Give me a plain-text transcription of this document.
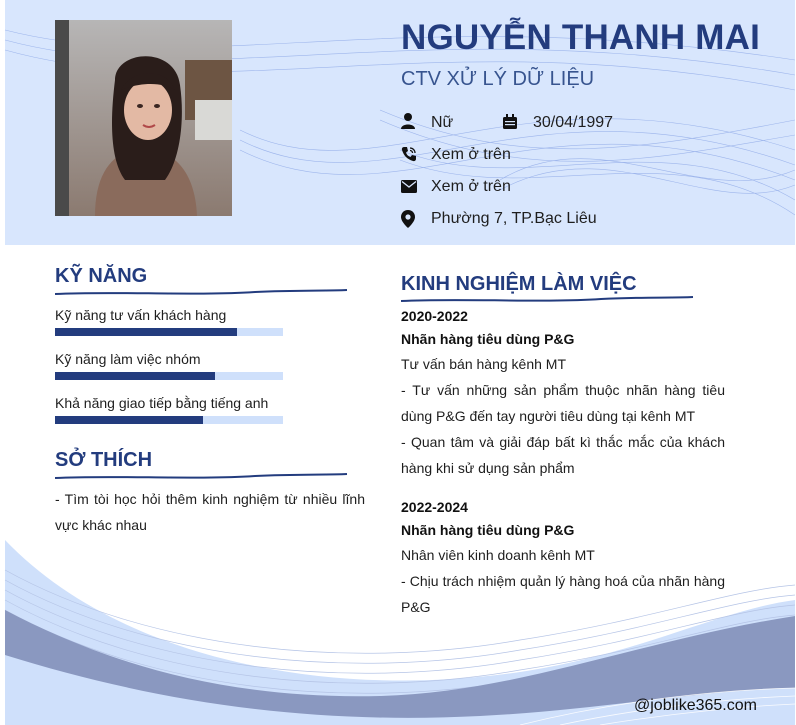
NGUYỄN THANH MAI
CTV XỬ LÝ DỮ LIỆU
Nữ	30/04/1997
Xem ở trên
Xem ở trên
Phường 7, TP.Bạc Liêu
KỸ NĂNG
Kỹ năng tư vấn khách hàng
Kỹ năng làm việc nhóm
Khả năng giao tiếp bằng tiếng anh
SỞ THÍCH
- Tìm tòi học hỏi thêm kinh nghiệm từ nhiều lĩnh vực khác nhau
KINH NGHIỆM LÀM VIỆC
2020-2022
Nhãn hàng tiêu dùng P&G
Tư vấn bán hàng kênh MT
- Tư vấn những sản phẩm thuộc nhãn hàng tiêu dùng P&G đến tay người tiêu dùng tại kênh MT
- Quan tâm và giải đáp bất kì thắc mắc của khách hàng khi sử dụng sản phẩm
2022-2024
Nhãn hàng tiêu dùng P&G
Nhân viên kinh doanh kênh MT
- Chịu trách nhiệm quản lý hàng hoá của nhãn hàng P&G
@joblike365.com
